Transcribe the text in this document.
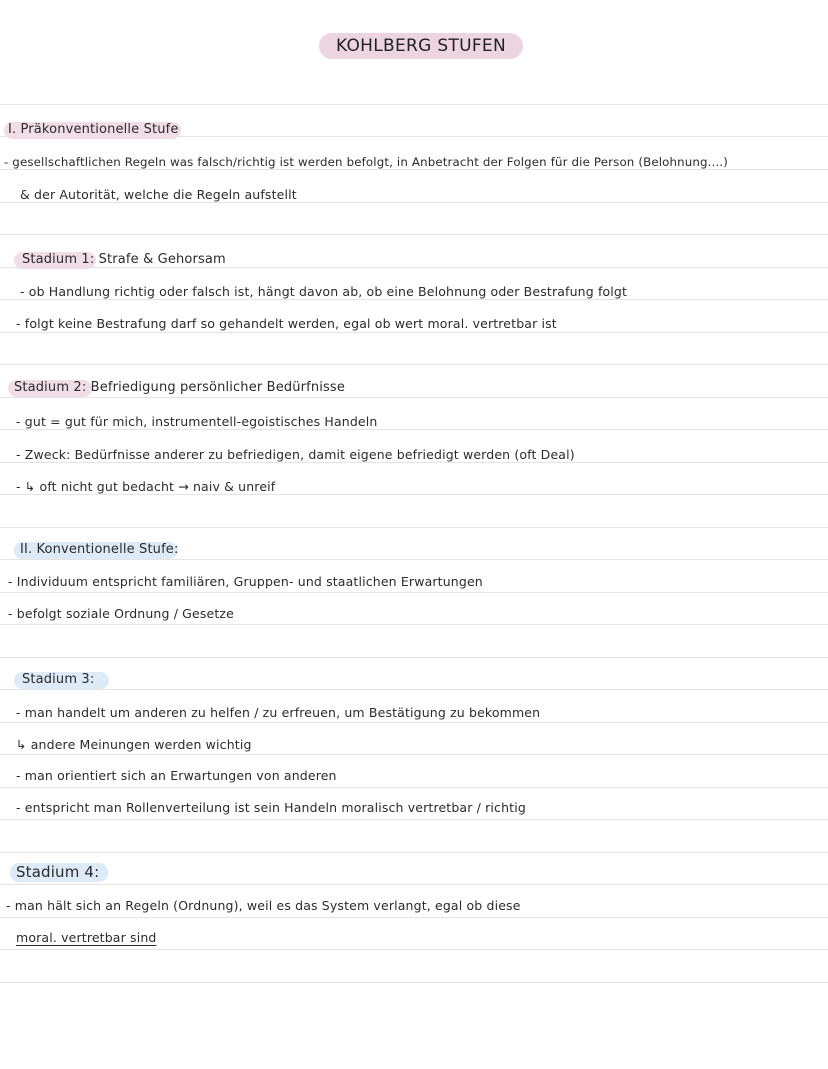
KOHLBERG STUFEN
I. Präkonventionelle Stufe
- gesellschaftlichen Regeln was falsch/richtig ist werden befolgt, in Anbetracht der Folgen für die Person (Belohnung....)
& der Autorität, welche die Regeln aufstellt
Stadium 1: Strafe & Gehorsam
- ob Handlung richtig oder falsch ist, hängt davon ab, ob eine Belohnung oder Bestrafung folgt
- folgt keine Bestrafung darf so gehandelt werden, egal ob wert moral. vertretbar ist
Stadium 2: Befriedigung persönlicher Bedürfnisse
- gut = gut für mich, instrumentell-egoistisches Handeln
- Zweck: Bedürfnisse anderer zu befriedigen, damit eigene befriedigt werden (oft Deal)
- ↳ oft nicht gut bedacht → naiv & unreif
II. Konventionelle Stufe:
- Individuum entspricht familiären, Gruppen- und staatlichen Erwartungen
- befolgt soziale Ordnung / Gesetze
Stadium 3:
- man handelt um anderen zu helfen / zu erfreuen, um Bestätigung zu bekommen
↳ andere Meinungen werden wichtig
- man orientiert sich an Erwartungen von anderen
- entspricht man Rollenverteilung ist sein Handeln moralisch vertretbar / richtig
Stadium 4:
- man hält sich an Regeln (Ordnung), weil es das System verlangt, egal ob diese
moral. vertretbar sind
